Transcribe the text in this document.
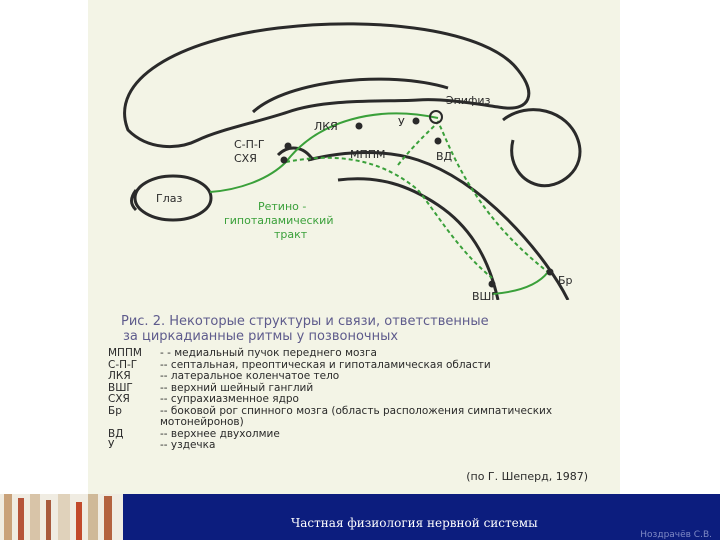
Эпифиз
У
ЛКЯ
С-П-Г
СХЯ	МППМ	ВД
Глаз
Ретино -
гипоталамический
тракт
Бр
ВШГ
Рис. 2. Некоторые структуры и связи, ответственные
за циркадианные ритмы у позвоночных
МППМ	- - медиальный пучок переднего мозга
С-П-Г	-- септальная, преоптическая и гипоталамическая области
ЛКЯ	-- латеральное коленчатое тело
ВШГ	-- верхний шейный ганглий
СХЯ	-- супрахиазменное ядро
Бр	-- боковой рог спинного мозга (область расположения симпатических мотонейронов)
ВД	-- верхнее двухолмие
У	-- уздечка
(по Г. Шеперд, 1987)
Частная физиология нервной системы
Ноздрачёв С.В.
